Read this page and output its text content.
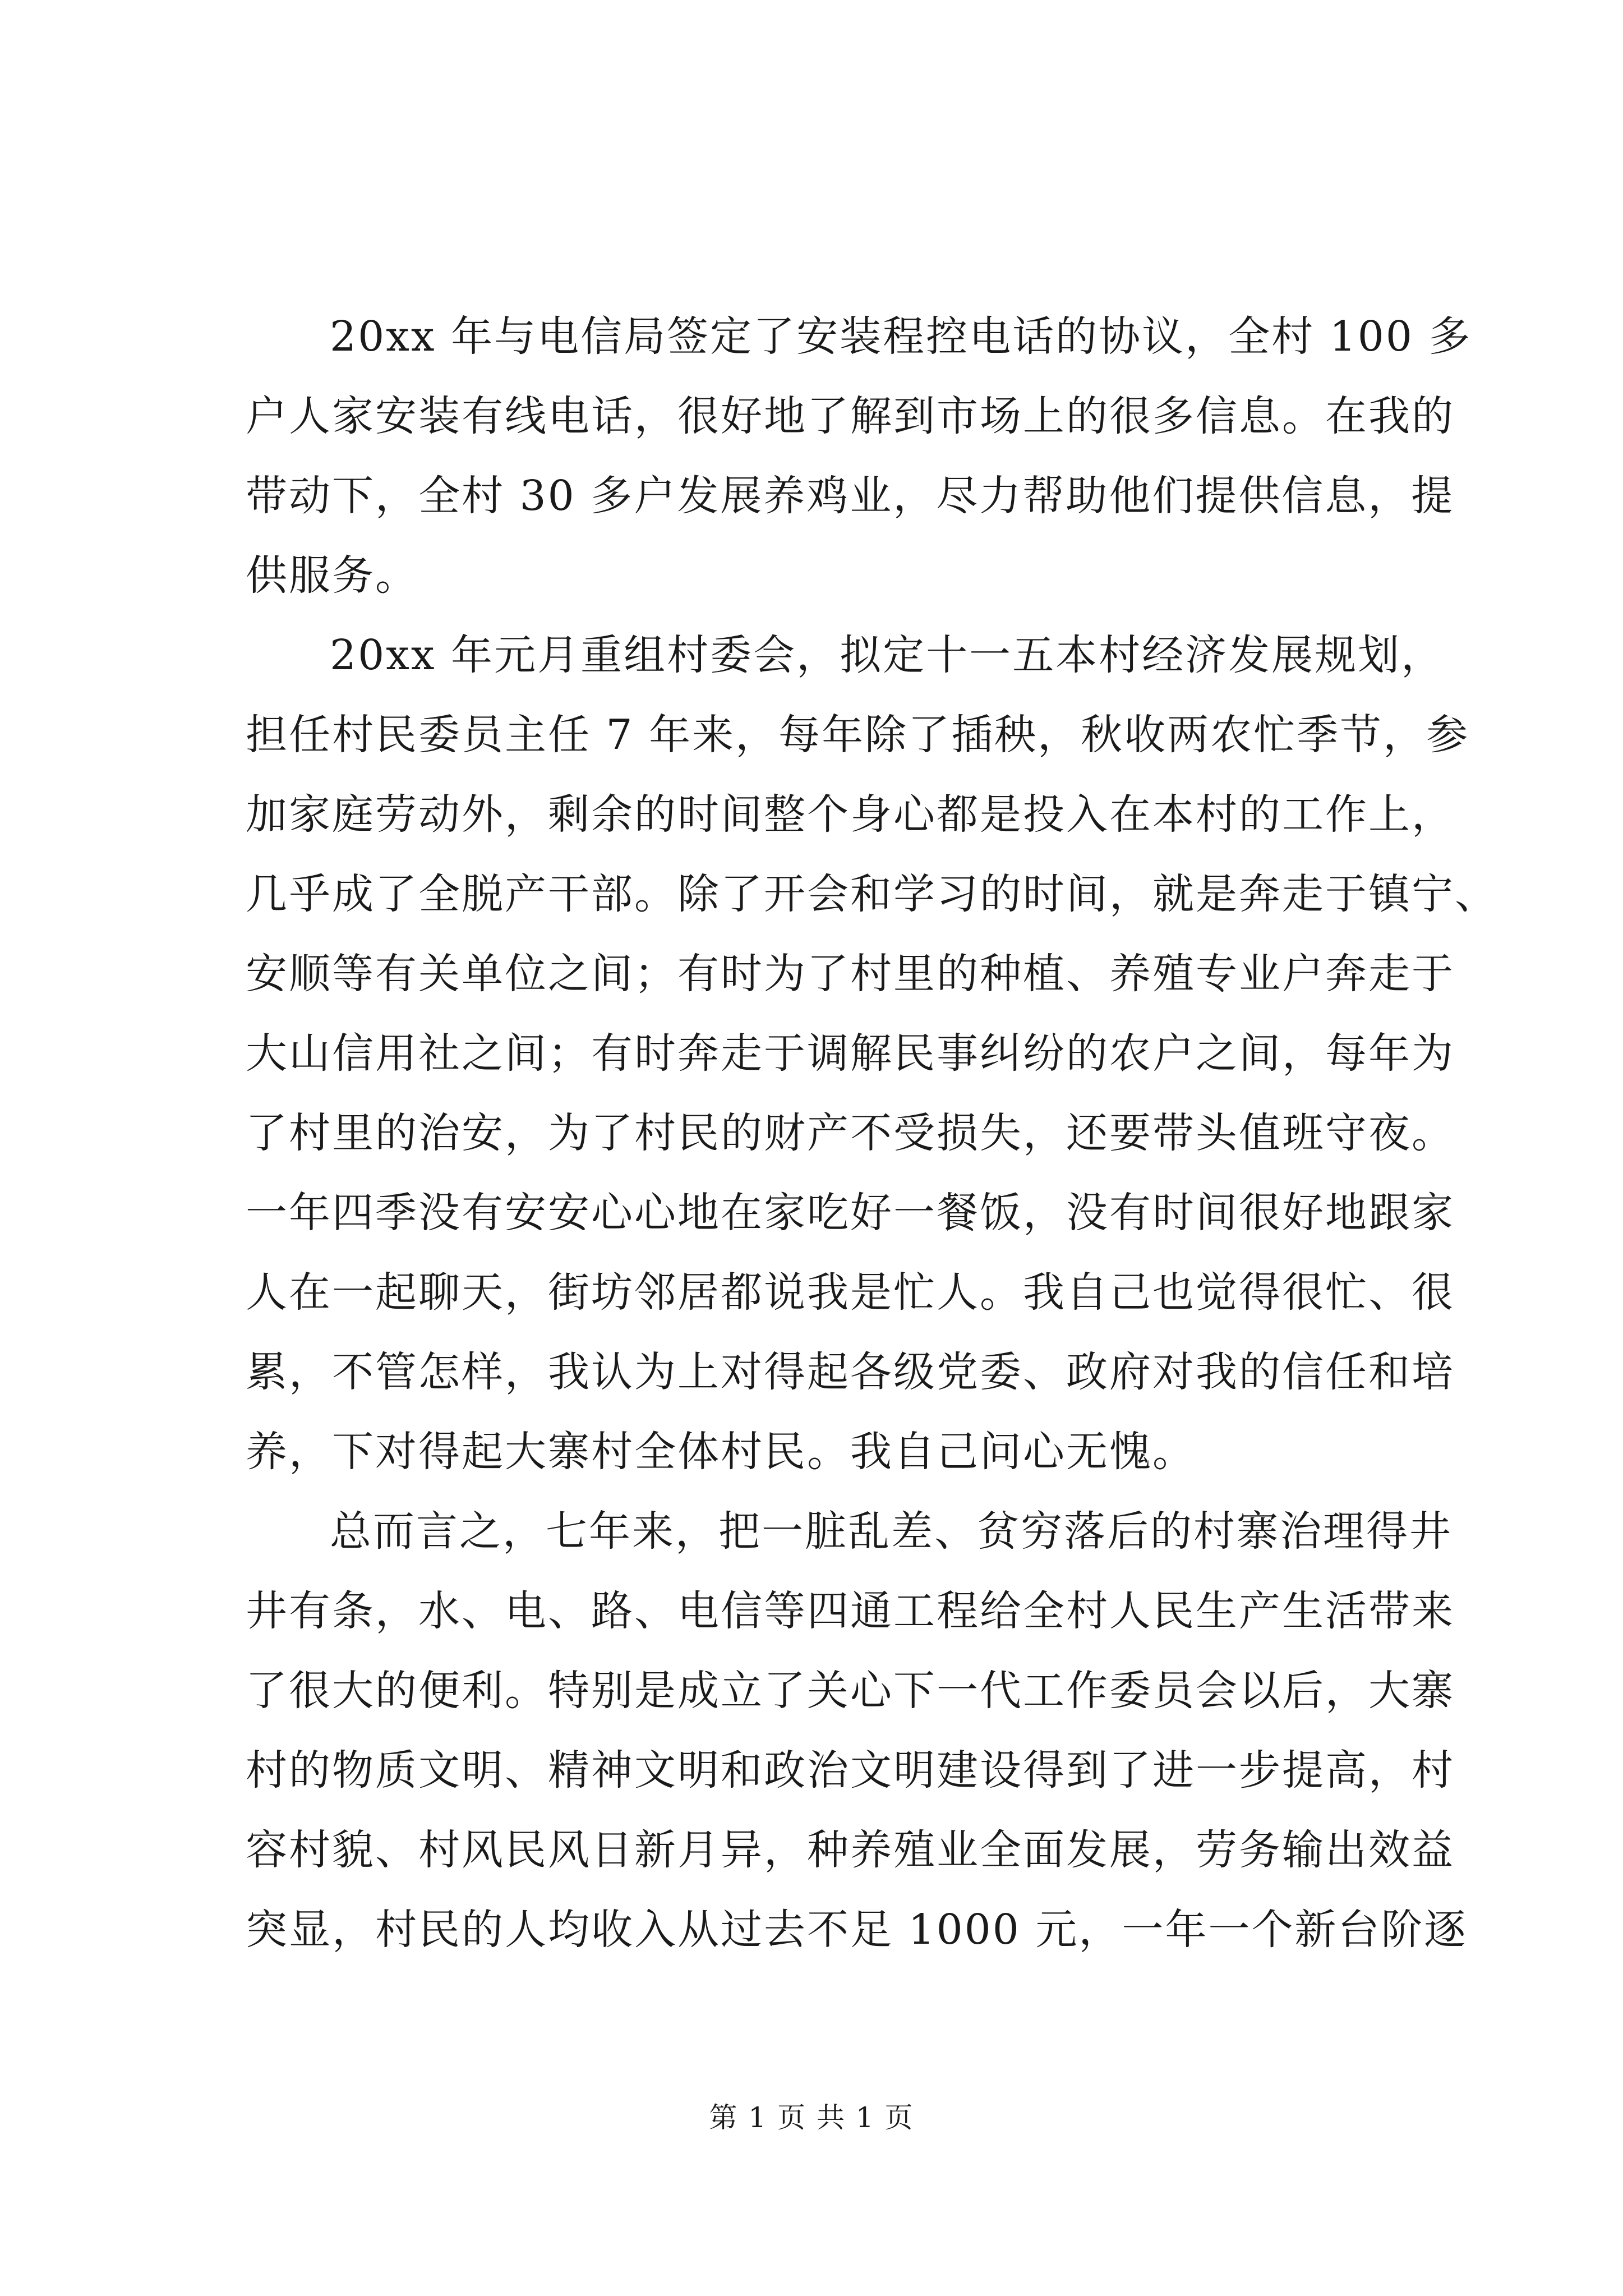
20xx 年与电信局签定了安装程控电话的协议，全村 100 多
户人家安装有线电话，很好地了解到市场上的很多信息。在我的
带动下，全村 30 多户发展养鸡业，尽力帮助他们提供信息，提
供服务。
20xx 年元月重组村委会，拟定十一五本村经济发展规划，
担任村民委员主任 7 年来，每年除了插秧，秋收两农忙季节，参
加家庭劳动外，剩余的时间整个身心都是投入在本村的工作上，
几乎成了全脱产干部。除了开会和学习的时间，就是奔走于镇宁、
安顺等有关单位之间；有时为了村里的种植、养殖专业户奔走于
大山信用社之间；有时奔走于调解民事纠纷的农户之间，每年为
了村里的治安，为了村民的财产不受损失，还要带头值班守夜。
一年四季没有安安心心地在家吃好一餐饭，没有时间很好地跟家
人在一起聊天，街坊邻居都说我是忙人。我自己也觉得很忙、很
累，不管怎样，我认为上对得起各级党委、政府对我的信任和培
养，下对得起大寨村全体村民。我自己问心无愧。
总而言之，七年来，把一脏乱差、贫穷落后的村寨治理得井
井有条，水、电、路、电信等四通工程给全村人民生产生活带来
了很大的便利。特别是成立了关心下一代工作委员会以后，大寨
村的物质文明、精神文明和政治文明建设得到了进一步提高，村
容村貌、村风民风日新月异，种养殖业全面发展，劳务输出效益
突显，村民的人均收入从过去不足 1000 元，一年一个新台阶逐
第 1 页 共 1 页
